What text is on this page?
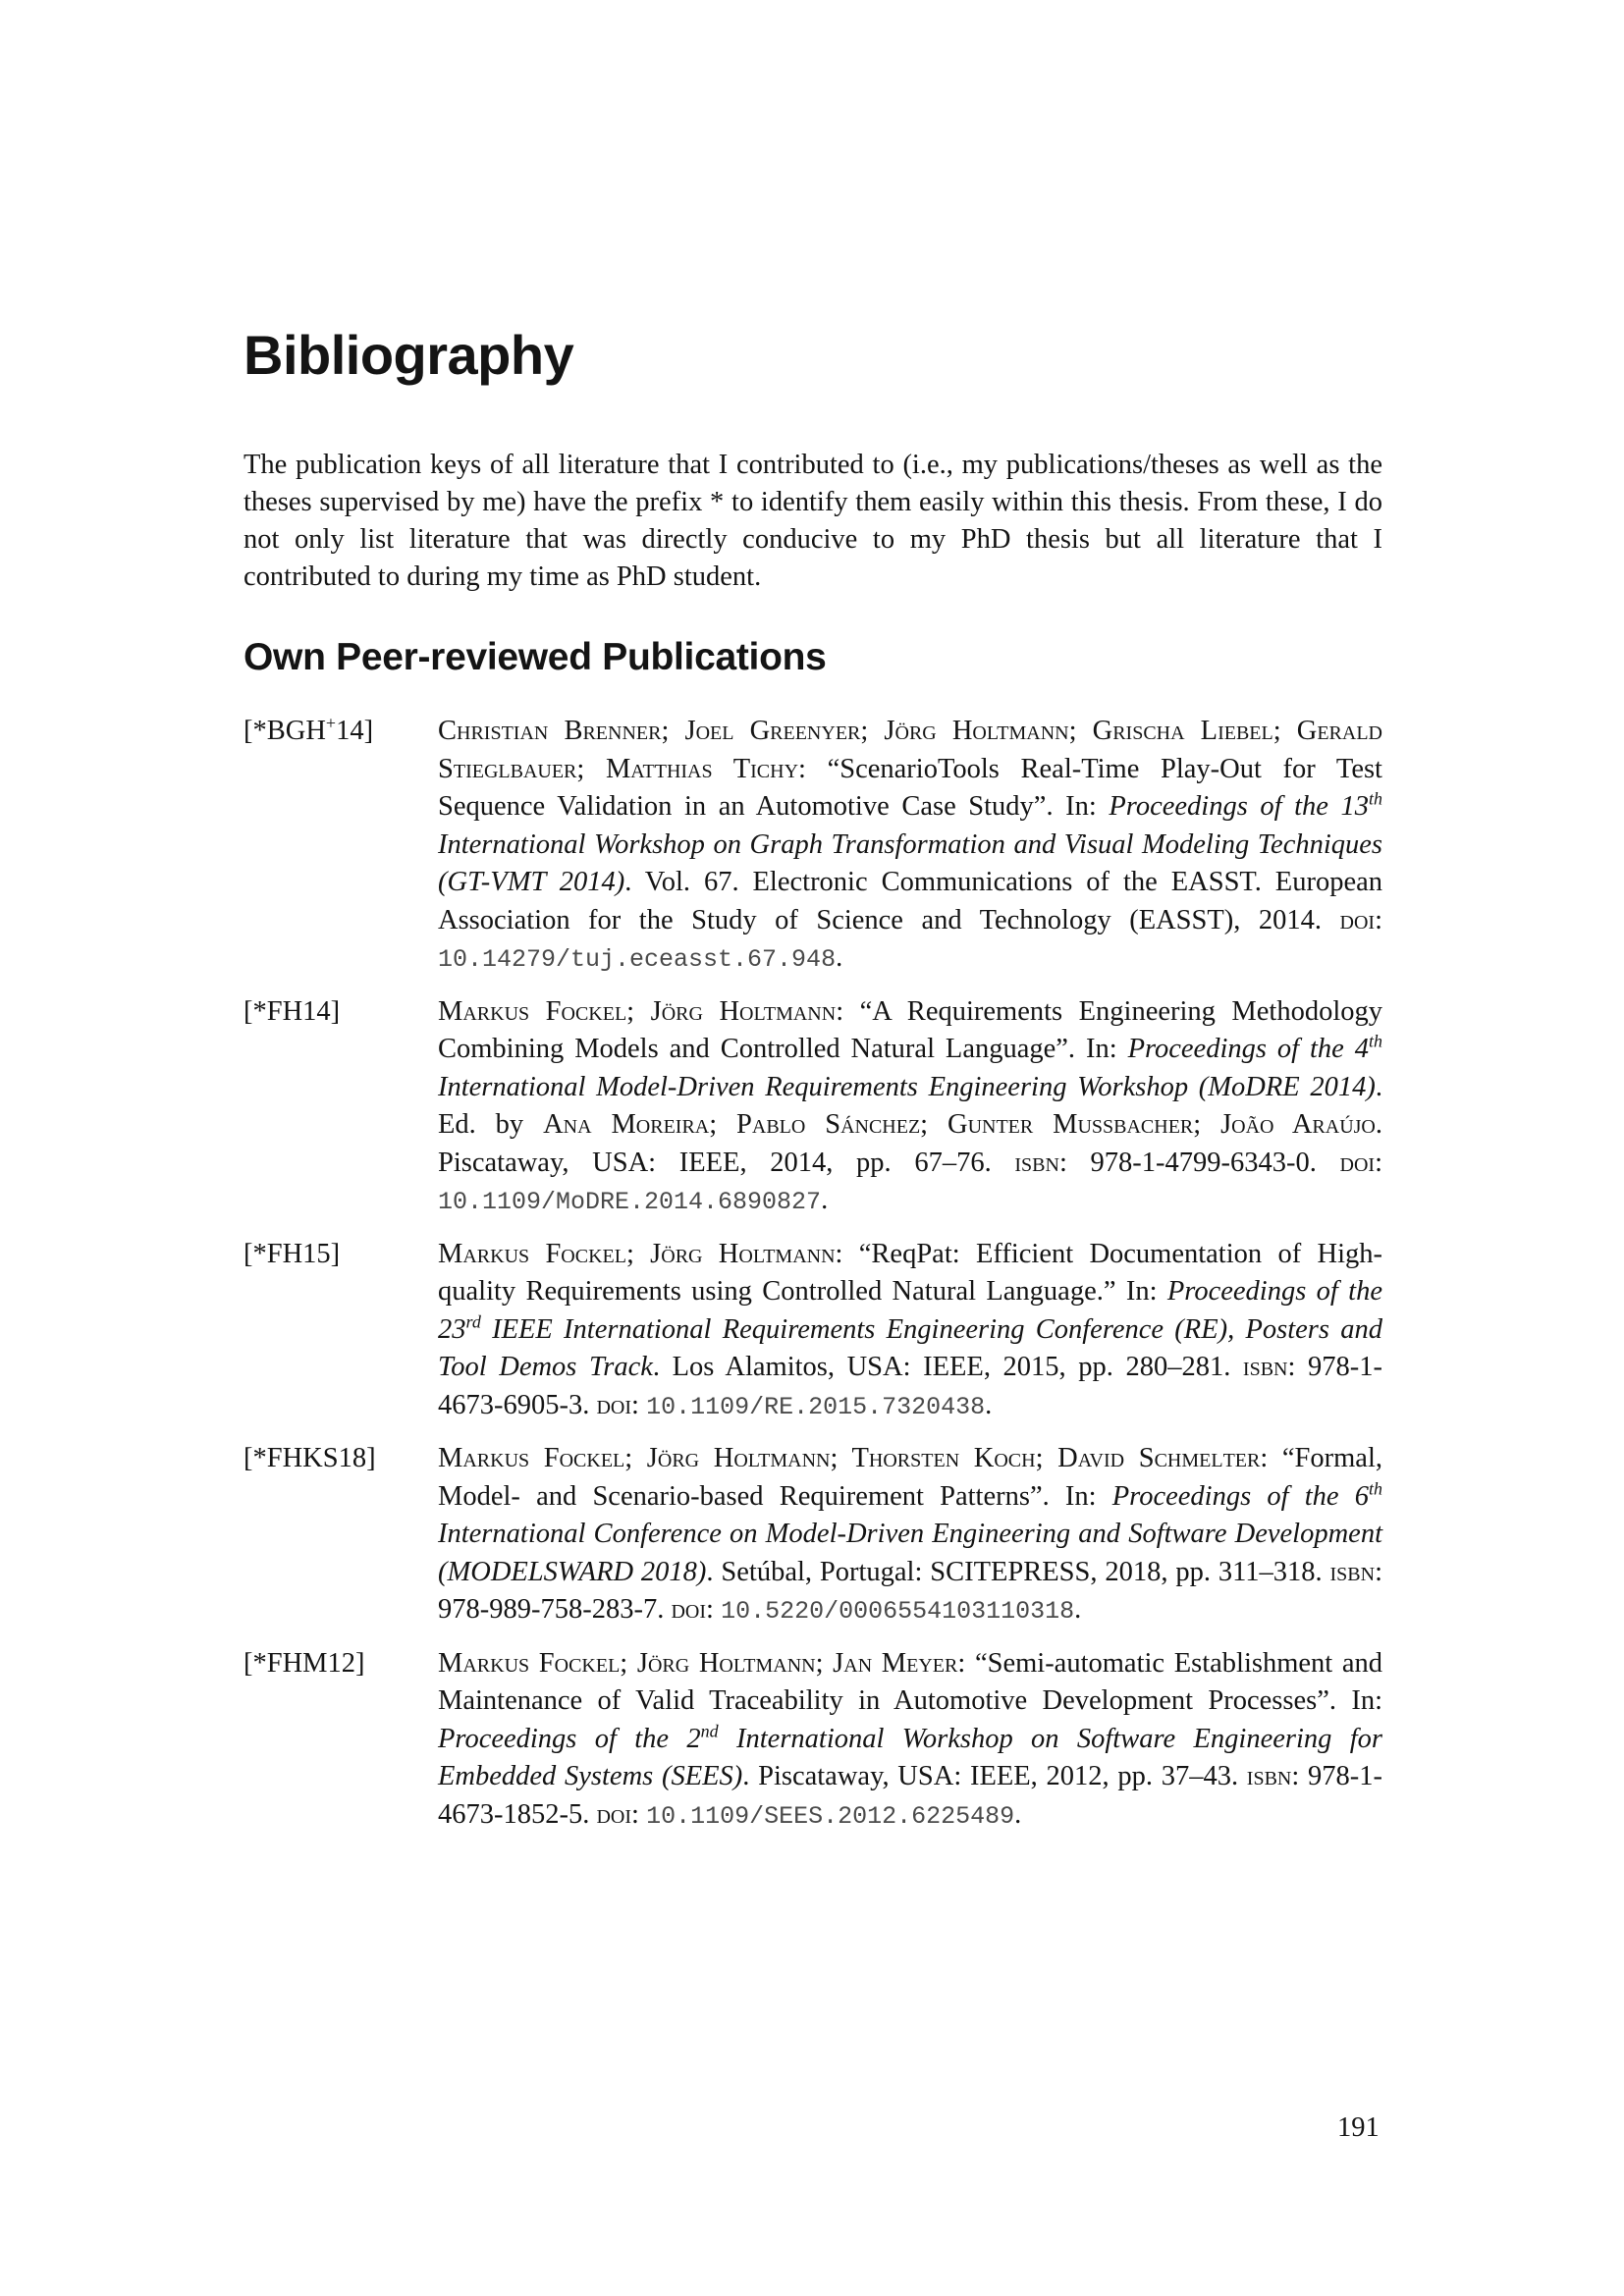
Bibliography

The publication keys of all literature that I contributed to (i.e., my publications/theses as well as the theses supervised by me) have the prefix * to identify them easily within this thesis. From these, I do not only list literature that was directly conducive to my PhD thesis but all literature that I contributed to during my time as PhD student.

Own Peer-reviewed Publications
[*BGH+14] Christian Brenner; Joel Greenyer; Jörg Holtmann; Grischa Liebel; Gerald Stieglbauer; Matthias Tichy: “ScenarioTools Real-Time Play-Out for Test Sequence Validation in an Automotive Case Study”. In: Proceedings of the 13th International Workshop on Graph Transformation and Visual Modeling Techniques (GT-VMT 2014). Vol. 67. Electronic Communications of the EASST. European Association for the Study of Science and Technology (EASST), 2014. doi: 10.14279/tuj.eceasst.67.948.
[*FH14]	Markus Fockel; Jörg Holtmann: “A Requirements Engineering Methodology Combining Models and Controlled Natural Language”. In: Proceedings of the 4th International Model-Driven Requirements Engineering Workshop (MoDRE 2014). Ed. by Ana Moreira; Pablo Sánchez; Gunter Mussbacher; João Araújo. Piscataway, USA: IEEE, 2014, pp. 67–76. isbn: 978-1-4799-6343-0. doi: 10.1109/MoDRE.2014.6890827.
[*FH15]	Markus Fockel; Jörg Holtmann: “ReqPat: Efficient Documentation of High-quality Requirements using Controlled Natural Language.” In: Proceedings of the 23rd IEEE International Requirements Engineering Conference (RE), Posters and Tool Demos Track. Los Alamitos, USA: IEEE, 2015, pp. 280–281. isbn: 978-1-4673-6905-3. doi: 10.1109/RE.2015.7320438.
[*FHKS18] Markus Fockel; Jörg Holtmann; Thorsten Koch; David Schmelter: “Formal, Model- and Scenario-based Requirement Patterns”. In: Proceedings of the 6th International Conference on Model-Driven Engineering and Software Development (MODELSWARD 2018). Setúbal, Portugal: SCITEPRESS, 2018, pp. 311–318. isbn: 978-989-758-283-7. doi: 10.5220/0006554103110318.
[*FHM12]	Markus Fockel; Jörg Holtmann; Jan Meyer: “Semi-automatic Establishment and Maintenance of Valid Traceability in Automotive Development Processes”. In: Proceedings of the 2nd International Workshop on Software Engineering for Embedded Systems (SEES). Piscataway, USA: IEEE, 2012, pp. 37–43. isbn: 978-1-4673-1852-5. doi: 10.1109/SEES.2012.6225489.
191
